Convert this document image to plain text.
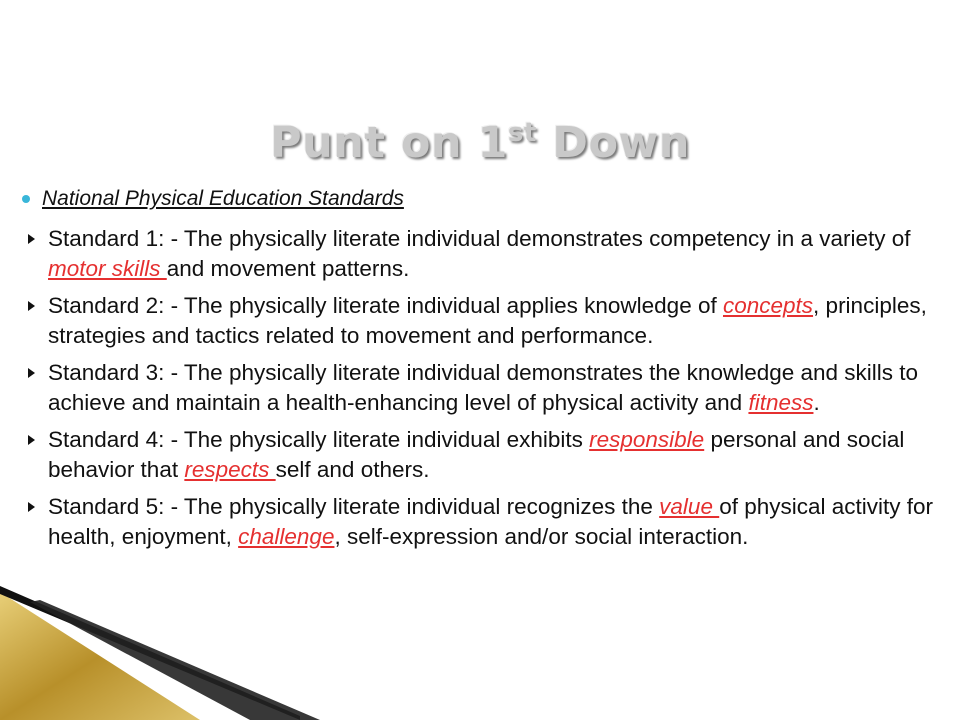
Punt on 1st Down
National Physical Education Standards
Standard 1: - The physically literate individual demonstrates competency in a variety of motor skills and movement patterns.
Standard 2: - The physically literate individual applies knowledge of concepts, principles, strategies and tactics related to movement and performance.
Standard 3: - The physically literate individual demonstrates the knowledge and skills to achieve and maintain a health-enhancing level of physical activity and fitness.
Standard 4: - The physically literate individual exhibits responsible personal and social behavior that respects self and others.
Standard 5: - The physically literate individual recognizes the value of physical activity for health, enjoyment, challenge, self-expression and/or social interaction.
